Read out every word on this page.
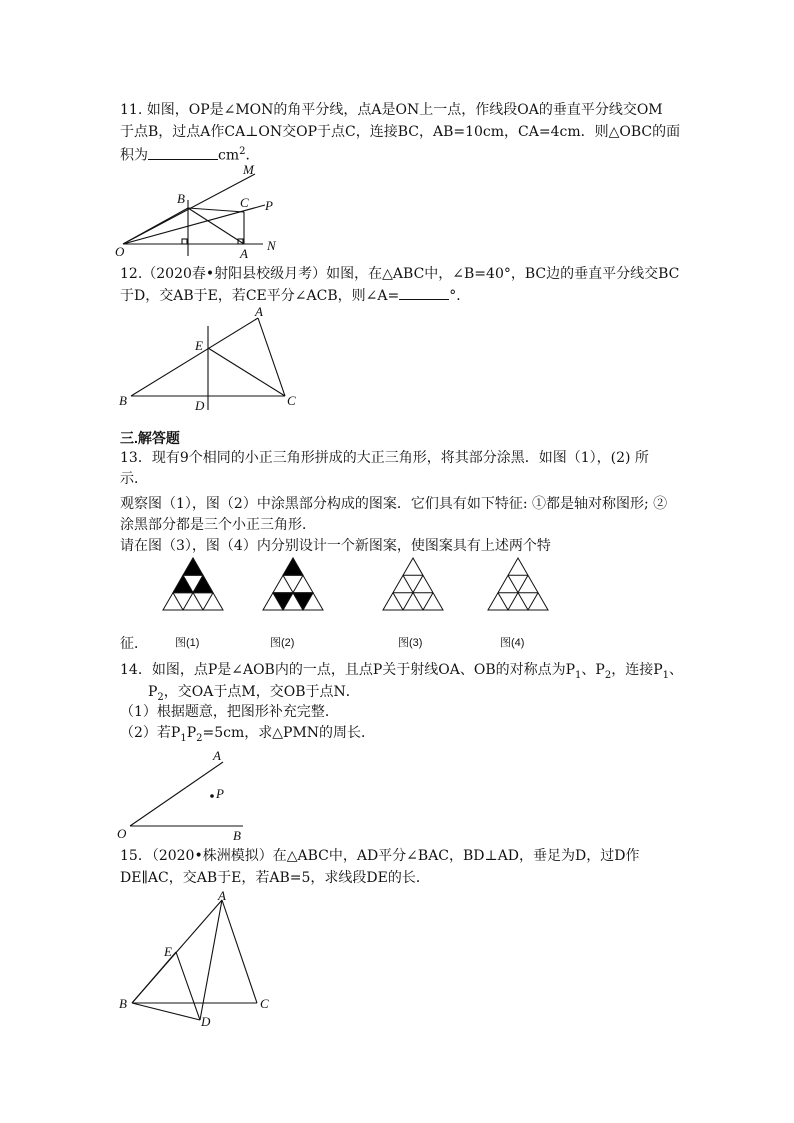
11. 如图，OP是∠MON的角平分线，点A是ON上一点，作线段OA的垂直平分线交OM
于点B，过点A作CA⊥ON交OP于点C，连接BC，AB=10cm，CA=4cm．则△OBC的面
积为	$cm^2$．
O	A
N
B	C P
M
12.（2020春•射阳县校级月考）如图，在△ABC中，∠B=40°，BC边的垂直平分线交BC
于D，交AB于E，若CE平分∠ACB，则∠A=	°．
B	C
A
D
E
三.解答题
13．现有9个相同的小正三角形拼成的大正三角形，将其部分涂黑．如图（1），(2) 所
示．
观察图（1），图（2）中涂黑部分构成的图案．它们具有如下特征: ①都是轴对称图形; ②
涂黑部分都是三个小正三角形．
请在图（3），图（4）内分别设计一个新图案，使图案具有上述两个特
图(1)	图(2)	图(3)	图(4)
征．
14．如图，点P是∠AOB内的一点，且点P关于射线OA、OB的对称点为$P_1$、$P_2$，连接$P_1$、
$P_2$，交OA于点M，交OB于点N．
（1）根据题意，把图形补充完整．
（2）若$P_1P_2=5cm$，求△PMN的周长．
O
A
B
P
15．（2020•株洲模拟）在△ABC中，AD平分∠BAC，BD⊥AD，垂足为D，过D作
DE∥AC，交AB于E，若AB=5，求线段DE的长．
A
B	C
D
E
